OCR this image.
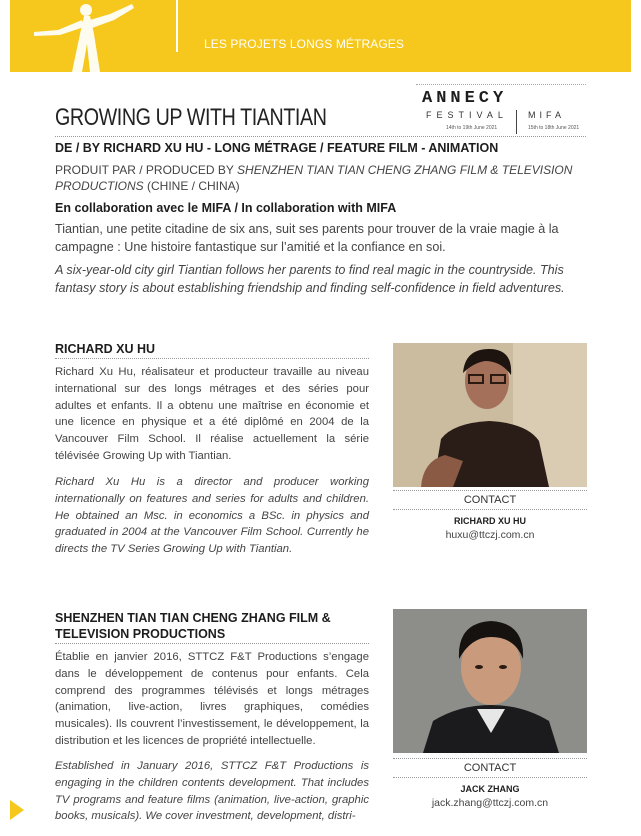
LES PROJETS LONGS MÉTRAGES
ANNECY
FESTIVAL MIFA
14th to 19th June 2021	15th to 18th June 2021
GROWING UP WITH TIANTIAN
DE / BY RICHARD XU HU - LONG MÉTRAGE / FEATURE FILM - ANIMATION
PRODUIT PAR / PRODUCED BY SHENZHEN TIAN TIAN CHENG ZHANG FILM & TELEVISION
PRODUCTIONS (CHINE / CHINA)
En collaboration avec le MIFA / In collaboration with MIFA
Tiantian, une petite citadine de six ans, suit ses parents pour trouver de la vraie magie à la
campagne : Une histoire fantastique sur l’amitié et la confiance en soi.
A six-year-old city girl Tiantian follows her parents to find real magic in the countryside. This
fantasy story is about establishing friendship and finding self-confidence in field adventures.
RICHARD XU HU
Richard Xu Hu, réalisateur et producteur travaille au niveau international sur des longs métrages et des séries pour adultes et enfants. Il a obtenu une maîtrise en économie et une licence en physique et a été diplômé en 2004 de la Vancouver Film School. Il réalise actuellement la série télévisée Growing Up with Tiantian.
Richard Xu Hu is a director and producer working internationally on features and series for adults and children. He obtained an Msc. in economics a BSc. in physics and graduated in 2004 at the Vancouver Film School. Currently he directs the TV Series Growing Up with Tiantian.
CONTACT
RICHARD XU HU
huxu@ttczj.com.cn
SHENZHEN TIAN TIAN CHENG ZHANG FILM &
TELEVISION PRODUCTIONS
Établie en janvier 2016, STTCZ F&T Productions s’engage dans le développement de contenus pour enfants. Cela comprend des programmes télévisés et longs métrages (animation, live-action, livres graphiques, comédies musicales). Ils couvrent l’investissement, le développement, la distribution et les licences de propriété intellectuelle.
Established in January 2016, STTCZ F&T Productions is engaging in the children contents development. That includes TV programs and feature films (animation, live-action, graphic books, musicals). We cover investment, development, distri-
CONTACT
JACK ZHANG
jack.zhang@ttczj.com.cn
